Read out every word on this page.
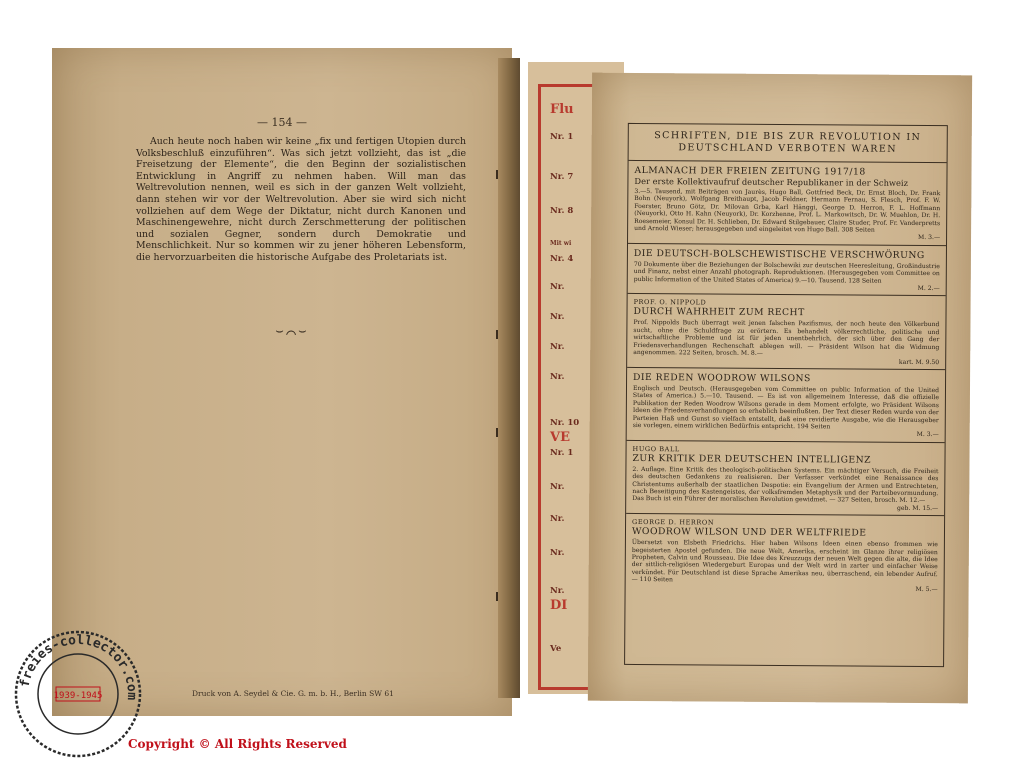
— 154 —
Auch heute noch haben wir keine „fix und fertigen Utopien durch Volksbeschluß einzuführen“. Was sich jetzt vollzieht, das ist „die Freisetzung der Elemente“, die den Beginn der sozialistischen Entwicklung in Angriff zu nehmen haben. Will man das Weltrevolution nennen, weil es sich in der ganzen Welt vollzieht, dann stehen wir vor der Weltrevolution. Aber sie wird sich nicht vollziehen auf dem Wege der Diktatur, nicht durch Kanonen und Maschinengewehre, nicht durch Zerschmetterung der politischen und sozialen Gegner, sondern durch Demokratie und Menschlichkeit. Nur so kommen wir zu jener höheren Lebensform, die hervorzuarbeiten die historische Aufgabe des Proletariats ist.
⌣⌒⌣
Druck von A. Seydel & Cie. G. m. b. H., Berlin SW 61
Flu
Nr. 1
Nr. 7
Nr. 8
Mit wi
Nr. 4
Nr.
Nr.
Nr.
Nr.
Nr. 10
VE
Nr. 1
Nr.
Nr.
Nr.
Nr.
DI
Ve
SCHRIFTEN, DIE BIS ZUR REVOLUTION IN DEUTSCHLAND VERBOTEN WAREN
ALMANACH DER FREIEN ZEITUNG 1917/18
Der erste Kollektivaufruf deutscher Republikaner in der Schweiz
3.—5. Tausend, mit Beiträgen von Jaurès, Hugo Ball, Gottfried Beck, Dr. Ernst Bloch, Dr. Frank Bohn (Neuyork), Wolfgang Breithaupt, Jacob Feldner, Hermann Fernau, S. Flesch, Prof. F. W. Foerster, Bruno Götz, Dr. Milovan Grba, Karl Hänggi, George D. Herron, F. L. Hoffmann (Neuyork), Otto H. Kahn (Neuyork), Dr. Korzhenne, Prof. L. Markowitsch, Dr. W. Muehlon, Dr. H. Roesemeier, Konsul Dr. H. Schlieben, Dr. Edward Stilgebauer, Claire Studer, Prof. Fr. Vanderpretts und Arnold Wieser; herausgegeben und eingeleitet von Hugo Ball. 308 Seiten
M. 3.—
DIE DEUTSCH-BOLSCHEWISTISCHE VERSCHWÖRUNG
70 Dokumente über die Beziehungen der Bolschewiki zur deutschen Heeresleitung, Großindustrie und Finanz, nebst einer Anzahl photograph. Reproduktionen. (Herausgegeben vom Committee on public Information of the United States of America) 9.—10. Tausend. 128 Seiten
M. 2.—
PROF. O. NIPPOLD
DURCH WAHRHEIT ZUM RECHT
Prof. Nippolds Buch überragt weit jenen falschen Pazifismus, der noch heute den Völkerbund sucht, ohne die Schuldfrage zu erörtern. Es behandelt völkerrechtliche, politische und wirtschaftliche Probleme und ist für jeden unentbehrlich, der sich über den Gang der Friedensverhandlungen Rechenschaft ablegen will. — Präsident Wilson hat die Widmung angenommen. 222 Seiten, brosch. M. 8.—
kart. M. 9.50
DIE REDEN WOODROW WILSONS
Englisch und Deutsch. (Herausgegeben vom Committee on public Information of the United States of America.) 5.—10. Tausend. — Es ist von allgemeinem Interesse, daß die offizielle Publikation der Reden Woodrow Wilsons gerade in dem Moment erfolgte, wo Präsident Wilsons Ideen die Friedensverhandlungen so erheblich beeinflußten. Der Text dieser Reden wurde von der Parteien Haß und Gunst so vielfach entstellt, daß eine revidierte Ausgabe, wie die Herausgeber sie vorlegen, einem wirklichen Bedürfnis entspricht. 194 Seiten
M. 3.—
HUGO BALL
ZUR KRITIK DER DEUTSCHEN INTELLIGENZ
2. Auflage. Eine Kritik des theologisch-politischen Systems. Ein mächtiger Versuch, die Freiheit des deutschen Gedankens zu realisieren. Der Verfasser verkündet eine Renaissance des Christentums außerhalb der staatlichen Despotie: ein Evangelium der Armen und Entrechteten, nach Beseitigung des Kastengeistes, der volksfremden Metaphysik und der Parteibevormundung. Das Buch ist ein Führer der moralischen Revolution gewidmet. — 327 Seiten, brosch. M. 12.—
geb. M. 15.—
GEORGE D. HERRON
WOODROW WILSON UND DER WELTFRIEDE
Übersetzt von Elsbeth Friedrichs. Hier haben Wilsons Ideen einen ebenso frommen wie begeisterten Apostel gefunden. Die neue Welt, Amerika, erscheint im Glanze ihrer religiösen Propheten, Calvin und Rousseau. Die Idee des Kreuzzugs der neuen Welt gegen die alte, die Idee der sittlich-religiösen Wiedergeburt Europas und der Welt wird in zarter und einfacher Weise verkündet. Für Deutschland ist diese Sprache Amerikas neu, überraschend, ein lebender Aufruf. — 110 Seiten
M. 5.—
freies-collector.com
1939-1945
Copyright © All Rights Reserved
